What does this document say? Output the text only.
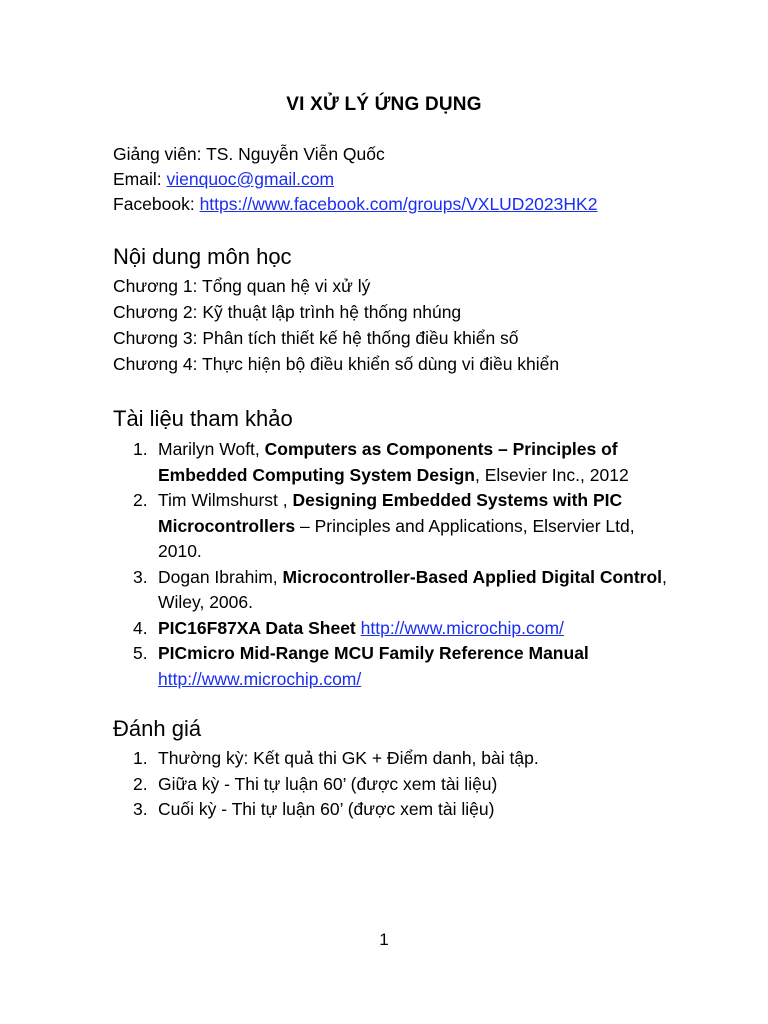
VI XỬ LÝ ỨNG DỤNG
Giảng viên: TS. Nguyễn Viễn Quốc
Email: vienquoc@gmail.com
Facebook: https://www.facebook.com/groups/VXLUD2023HK2
Nội dung môn học
Chương 1: Tổng quan hệ vi xử lý
Chương 2: Kỹ thuật lập trình hệ thống nhúng
Chương 3: Phân tích thiết kế hệ thống điều khiển số
Chương 4: Thực hiện bộ điều khiển số dùng vi điều khiển
Tài liệu tham khảo
1. Marilyn Woft, Computers as Components – Principles of Embedded Computing System Design, Elsevier Inc., 2012
2. Tim Wilmshurst , Designing Embedded Systems with PIC Microcontrollers – Principles and Applications, Elservier Ltd, 2010.
3. Dogan Ibrahim, Microcontroller-Based Applied Digital Control, Wiley, 2006.
4. PIC16F87XA Data Sheet http://www.microchip.com/
5. PICmicro Mid-Range MCU Family Reference Manual
http://www.microchip.com/
Đánh giá
1. Thường kỳ: Kết quả thi GK + Điểm danh, bài tập.
2. Giữa kỳ - Thi tự luận 60’ (được xem tài liệu)
3. Cuối kỳ - Thi tự luận 60’ (được xem tài liệu)
1
